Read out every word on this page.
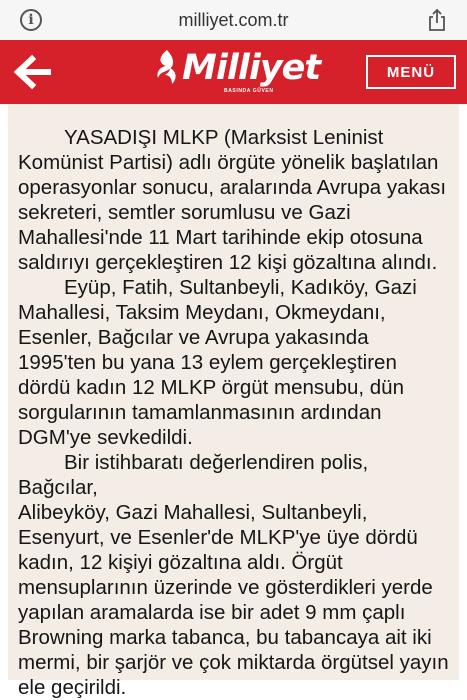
i	milliyet.com.tr
Milliyet
BASINDA GÜVEN
MENÜ

YASADIŞI MLKP (Marksist Leninist
Komünist Partisi) adlı örgüte yönelik başlatılan
operasyonlar sonucu, aralarında Avrupa yakası
sekreteri, semtler sorumlusu ve Gazi
Mahallesi'nde 11 Mart tarihinde ekip otosuna
saldırıyı gerçekleştiren 12 kişi gözaltına alındı.

Eyüp, Fatih, Sultanbeyli, Kadıköy, Gazi
Mahallesi, Taksim Meydanı, Okmeydanı,
Esenler, Bağcılar ve Avrupa yakasında
1995'ten bu yana 13 eylem gerçekleştiren
dördü kadın 12 MLKP örgüt mensubu, dün
sorgularının tamamlanmasının ardından
DGM'ye sevkedildi.

Bir istihbaratı değerlendiren polis, Bağcılar,
Alibeyköy, Gazi Mahallesi, Sultanbeyli,
Esenyurt, ve Esenler'de MLKP'ye üye dördü
kadın, 12 kişiyi gözaltına aldı. Örgüt
mensuplarının üzerinde ve gösterdikleri yerde
yapılan aramalarda ise bir adet 9 mm çaplı
Browning marka tabanca, bu tabancaya ait iki
mermi, bir şarjör ve çok miktarda örgütsel yayın
ele geçirildi.
